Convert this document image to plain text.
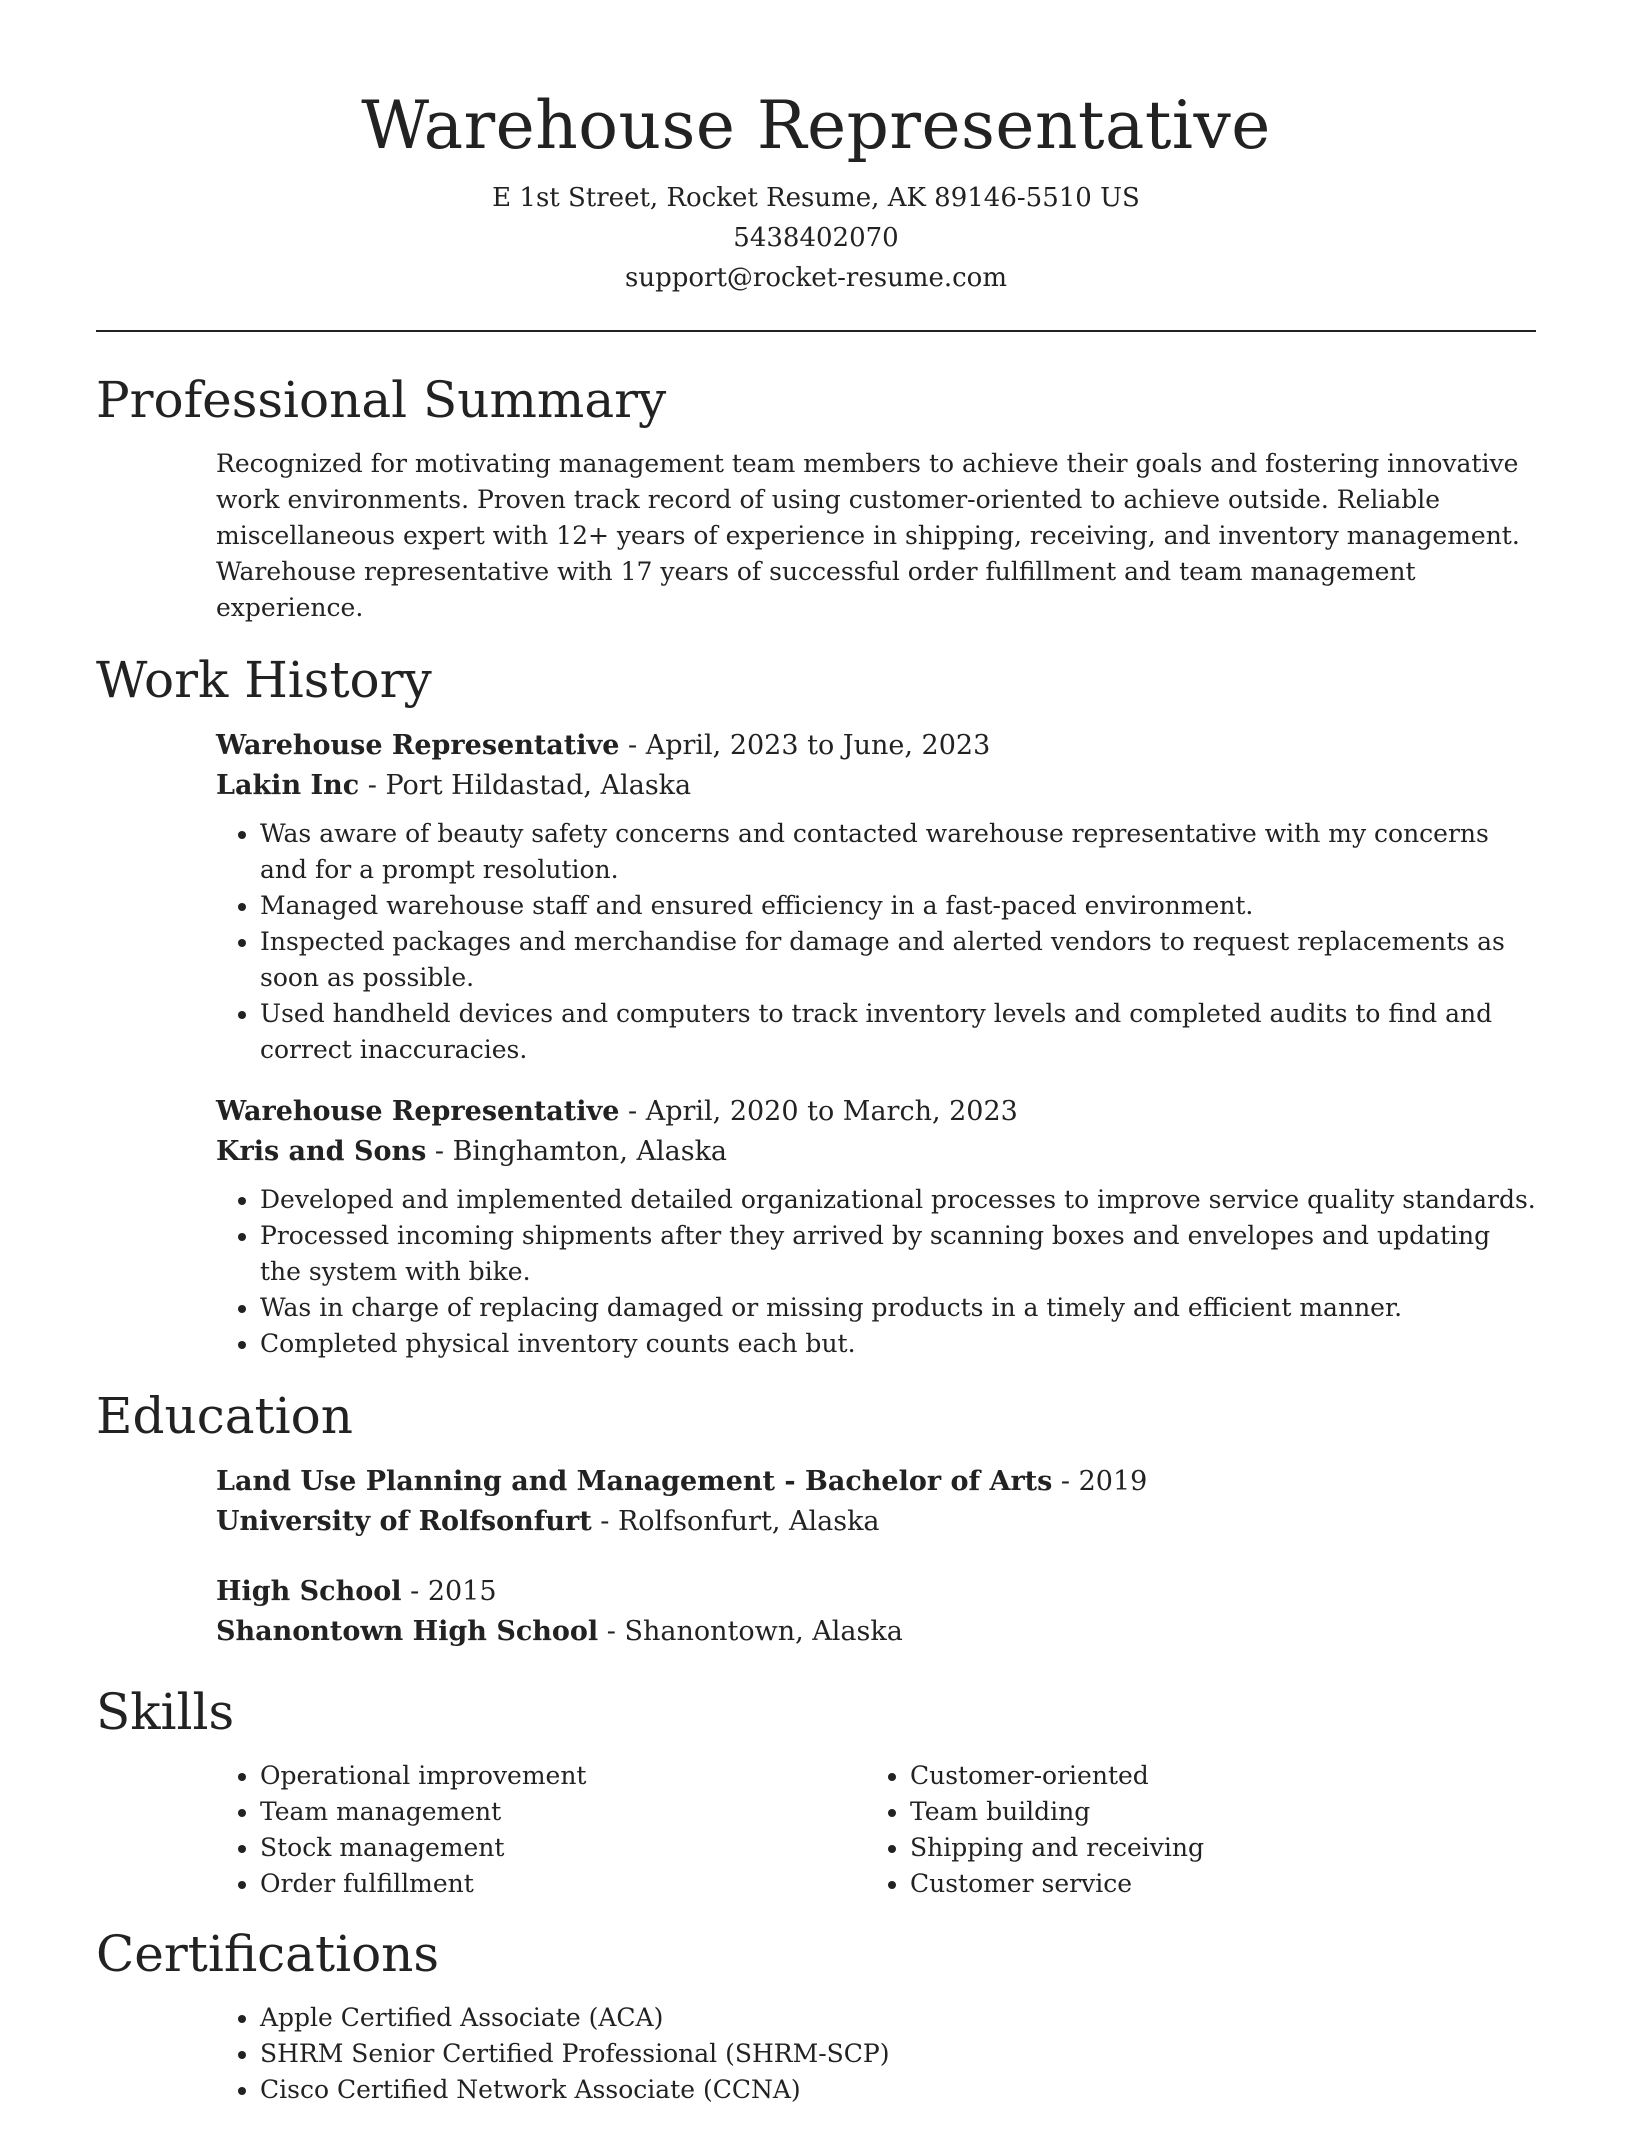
Warehouse Representative
E 1st Street, Rocket Resume, AK 89146-5510 US
5438402070
support@rocket-resume.com
Professional Summary
Recognized for motivating management team members to achieve their goals and fostering innovative work environments. Proven track record of using customer-oriented to achieve outside. Reliable miscellaneous expert with 12+ years of experience in shipping, receiving, and inventory management. Warehouse representative with 17 years of successful order fulfillment and team management experience.
Work History
Warehouse Representative - April, 2023 to June, 2023
Lakin Inc - Port Hildastad, Alaska
• Was aware of beauty safety concerns and contacted warehouse representative with my concerns and for a prompt resolution.
• Managed warehouse staff and ensured efficiency in a fast-paced environment.
• Inspected packages and merchandise for damage and alerted vendors to request replacements as soon as possible.
• Used handheld devices and computers to track inventory levels and completed audits to find and correct inaccuracies.
Warehouse Representative - April, 2020 to March, 2023
Kris and Sons - Binghamton, Alaska
• Developed and implemented detailed organizational processes to improve service quality standards.
• Processed incoming shipments after they arrived by scanning boxes and envelopes and updating the system with bike.
• Was in charge of replacing damaged or missing products in a timely and efficient manner.
• Completed physical inventory counts each but.
Education
Land Use Planning and Management - Bachelor of Arts - 2019
University of Rolfsonfurt - Rolfsonfurt, Alaska
High School - 2015
Shanontown High School - Shanontown, Alaska
Skills
• Operational improvement
• Team management
• Stock management
• Order fulfillment
• Customer-oriented
• Team building
• Shipping and receiving
• Customer service
Certifications
• Apple Certified Associate (ACA)
• SHRM Senior Certified Professional (SHRM-SCP)
• Cisco Certified Network Associate (CCNA)
